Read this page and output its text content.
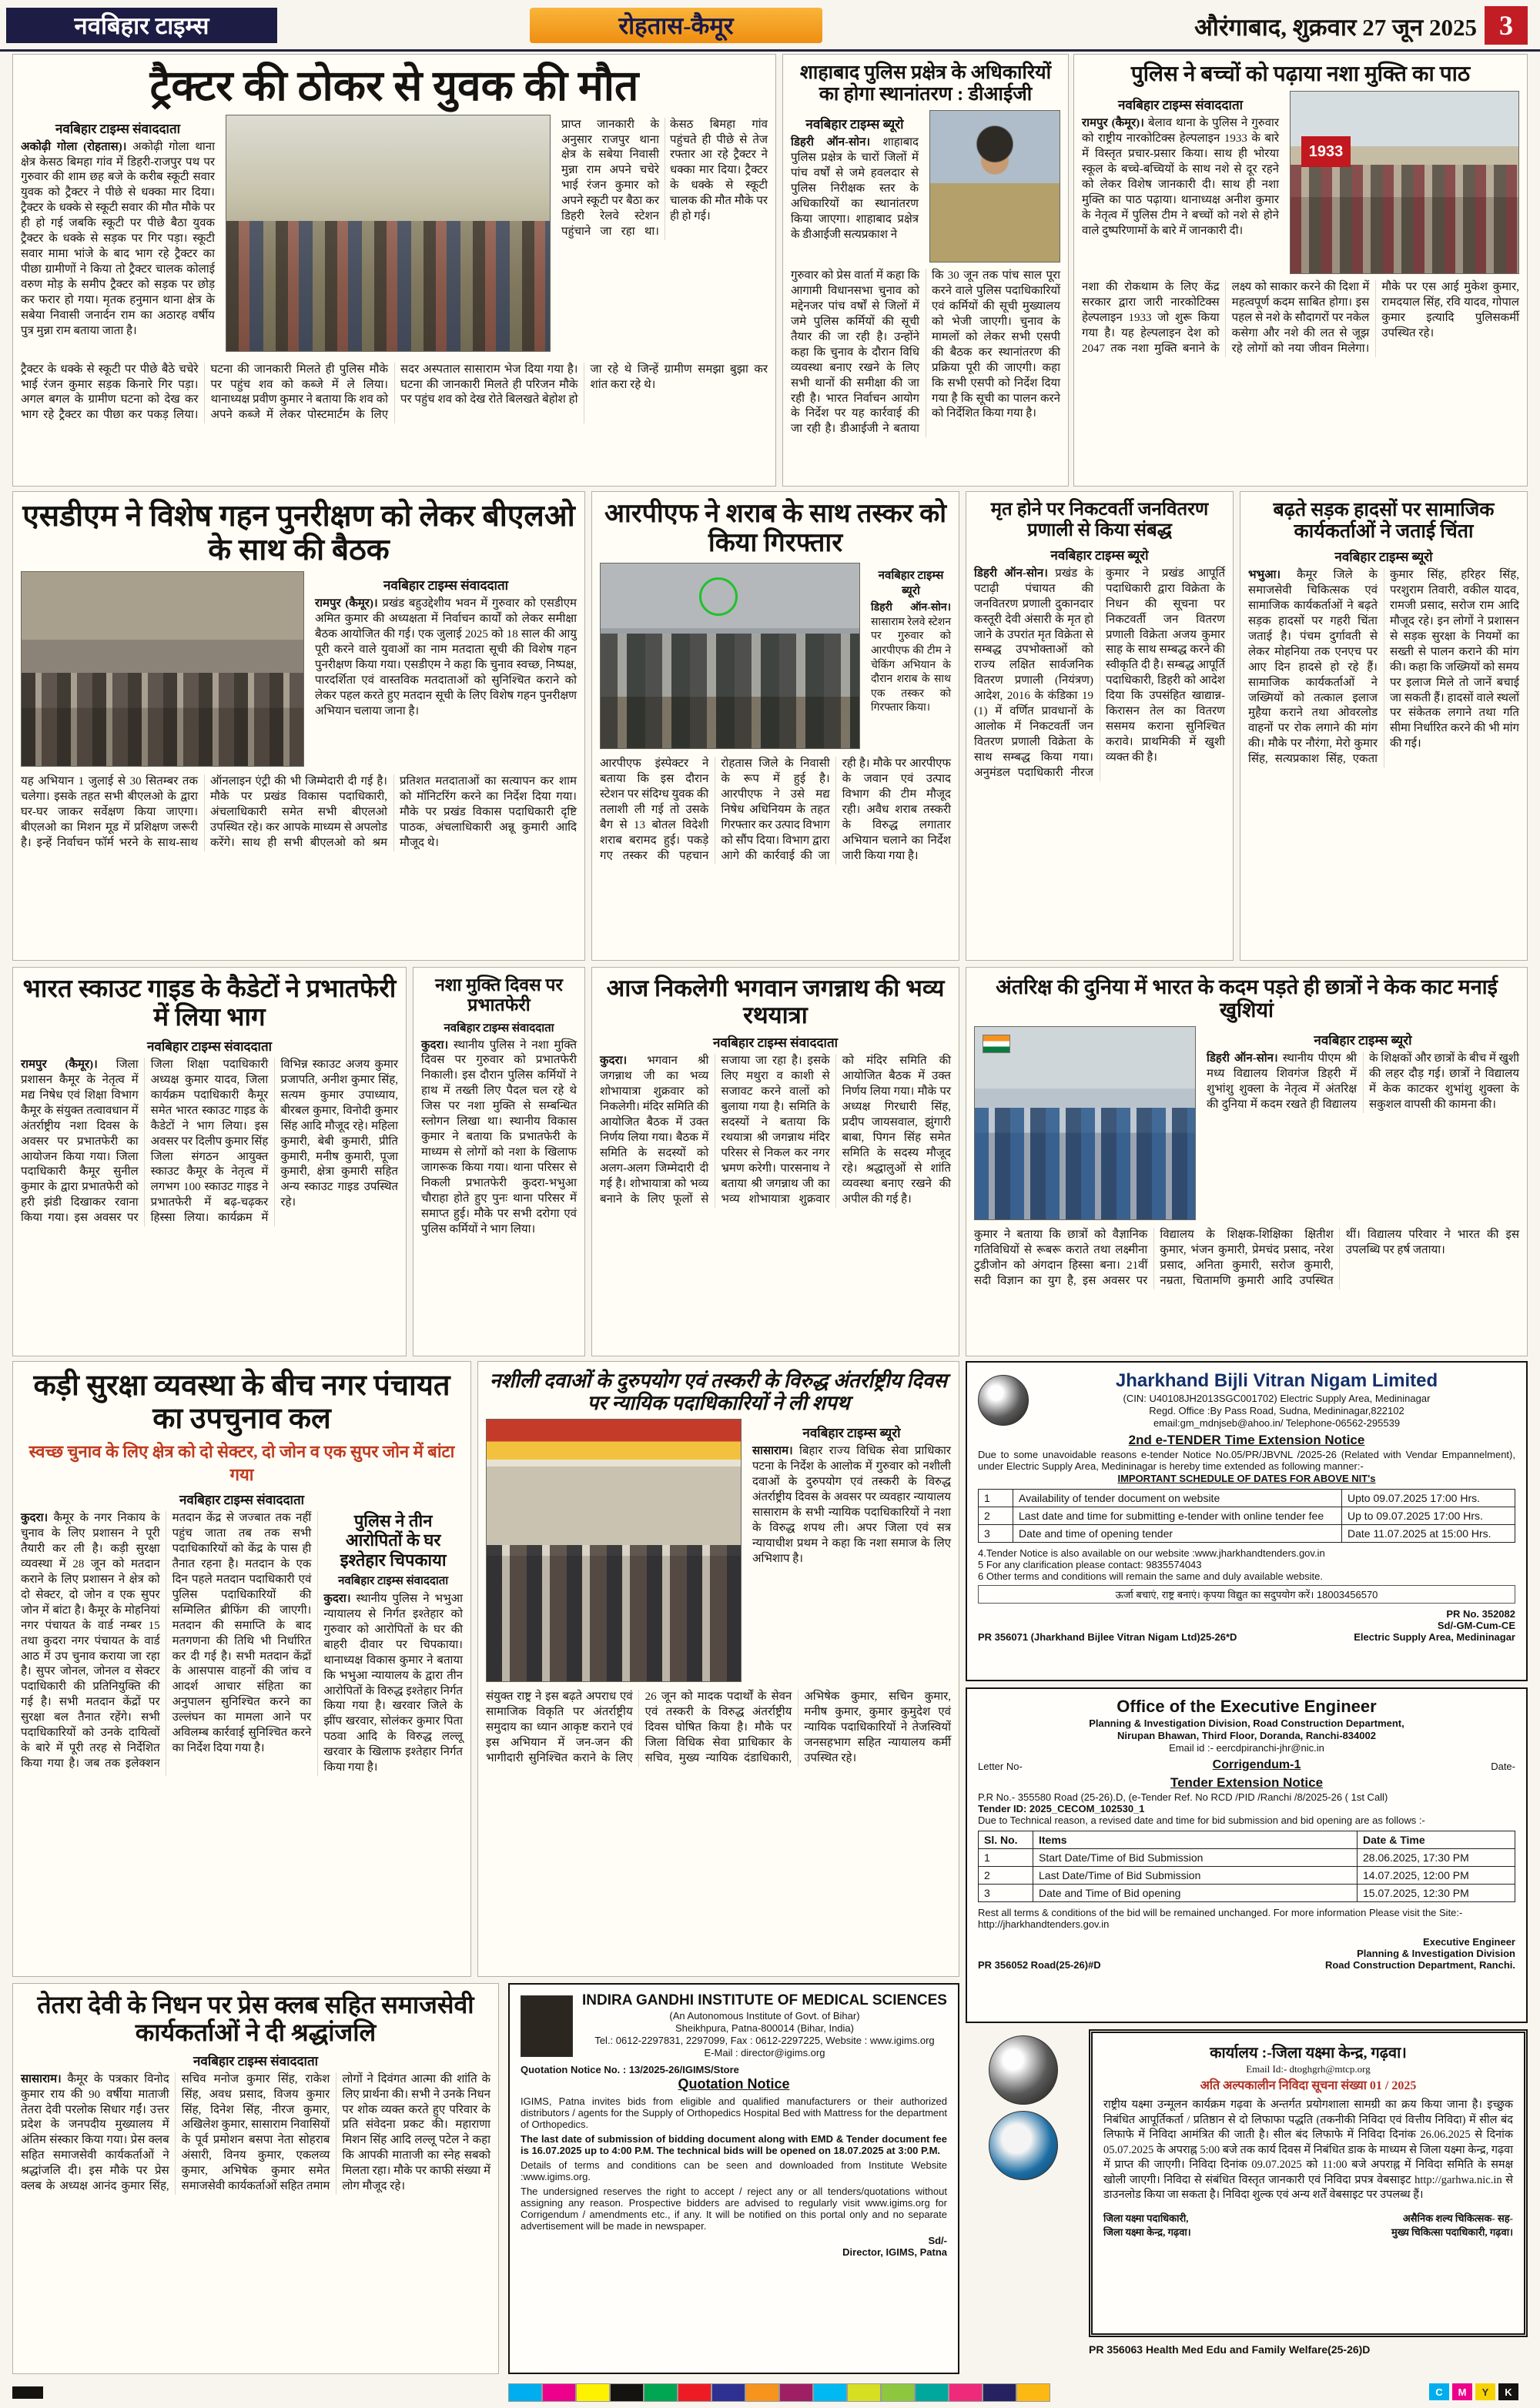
नवबिहार टाइम्स	रोहतास-कैमूर	औरंगाबाद, शुक्रवार 27 जून 2025 3
ट्रैक्टर की ठोकर से युवक की मौत
नवबिहार टाइम्स संवाददाता

अकोढ़ी गोला (रोहतास)। अकोढ़ी गोला थाना क्षेत्र केसठ बिमहा गांव में डिहरी-राजपुर पथ पर गुरुवार की शाम छह बजे के करीब स्कूटी सवार युवक को ट्रैक्टर ने पीछे से धक्का मार दिया। ट्रैक्टर के धक्के से स्कूटी सवार की मौत मौके पर ही हो गई जबकि स्कूटी पर पीछे बैठा युवक ट्रैक्टर के धक्के से सड़क पर गिर पड़ा। स्कूटी सवार मामा भांजे के बाद भाग रहे ट्रैक्टर का पीछा ग्रामीणों ने किया तो ट्रैक्टर चालक कोलाई वरुण मोड़ के समीप ट्रैक्टर को सड़क पर छोड़ कर फरार हो गया। मृतक हनुमान थाना क्षेत्र के सबेया निवासी जनार्दन राम का अठारह वर्षीय पुत्र मुन्ना राम बताया जाता है।

प्राप्त जानकारी के अनुसार राजपुर थाना क्षेत्र के सबेया निवासी मुन्ना राम अपने चचेरे भाई रंजन कुमार को अपने स्कूटी पर बैठा कर डिहरी रेलवे स्टेशन पहुंचाने जा रहा था। केसठ बिमहा गांव पहुंचते ही पीछे से तेज रफ्तार आ रहे ट्रैक्टर ने धक्का मार दिया। ट्रैक्टर के धक्के से स्कूटी चालक की मौत मौके पर ही हो गई।

ट्रैक्टर के धक्के से स्कूटी पर पीछे बैठे चचेरे भाई रंजन कुमार सड़क किनारे गिर पड़ा। अगल बगल के ग्रामीण घटना को देख कर भाग रहे ट्रैक्टर का पीछा कर पकड़ लिया। घटना की जानकारी मिलते ही पुलिस मौके पर पहुंच शव को कब्जे में ले लिया। थानाध्यक्ष प्रवीण कुमार ने बताया कि शव को अपने कब्जे में लेकर पोस्टमार्टम के लिए सदर अस्पताल सासाराम भेज दिया गया है। घटना की जानकारी मिलते ही परिजन मौके पर पहुंच शव को देख रोते बिलखते बेहोश हो जा रहे थे जिन्हें ग्रामीण समझा बुझा कर शांत करा रहे थे।

शाहाबाद पुलिस प्रक्षेत्र के अधिकारियों का होगा स्थानांतरण : डीआईजी
नवबिहार टाइम्स ब्यूरो

डिहरी ऑन-सोन। शाहाबाद पुलिस प्रक्षेत्र के चारों जिलों में पांच वर्षों से जमे हवलदार से पुलिस निरीक्षक स्तर के अधिकारियों का स्थानांतरण किया जाएगा। शाहाबाद प्रक्षेत्र के डीआईजी सत्यप्रकाश ने

गुरुवार को प्रेस वार्ता में कहा कि आगामी विधानसभा चुनाव को मद्देनजर पांच वर्षों से जिलों में जमे पुलिस कर्मियों की सूची तैयार की जा रही है। उन्होंने कहा कि चुनाव के दौरान विधि व्यवस्था बनाए रखने के लिए सभी थानों की समीक्षा की जा रही है। भारत निर्वाचन आयोग के निर्देश पर यह कार्रवाई की जा रही है। डीआईजी ने बताया कि 30 जून तक पांच साल पूरा करने वाले पुलिस पदाधिकारियों एवं कर्मियों की सूची मुख्यालय को भेजी जाएगी। चुनाव के मामलों को लेकर सभी एसपी की बैठक कर स्थानांतरण की प्रक्रिया पूरी की जाएगी। कहा कि सभी एसपी को निर्देश दिया गया है कि सूची का पालन करने को निर्देशित किया गया है।

पुलिस ने बच्चों को पढ़ाया नशा मुक्ति का पाठ
नवबिहार टाइम्स संवाददाता

रामपुर (कैमूर)। बेलाव थाना के पुलिस ने गुरुवार को राष्ट्रीय नारकोटिक्स हेल्पलाइन 1933 के बारे में विस्तृत प्रचार-प्रसार किया। साथ ही भोरया स्कूल के बच्चे-बच्चियों के साथ नशे से दूर रहने को लेकर विशेष जानकारी दी। साथ ही नशा मुक्ति का पाठ पढ़ाया। थानाध्यक्ष अनीश कुमार के नेतृत्व में पुलिस टीम ने बच्चों को नशे से होने वाले दुष्परिणामों के बारे में जानकारी दी।

1933

नशा की रोकथाम के लिए केंद्र सरकार द्वारा जारी नारकोटिक्स हेल्पलाइन 1933 जो शुरू किया गया है। यह हेल्पलाइन देश को 2047 तक नशा मुक्ति बनाने के लक्ष्य को साकार करने की दिशा में महत्वपूर्ण कदम साबित होगा। इस पहल से नशे के सौदागरों पर नकेल कसेगा और नशे की लत से जूझ रहे लोगों को नया जीवन मिलेगा। मौके पर एस आई मुकेश कुमार, रामदयाल सिंह, रवि यादव, गोपाल कुमार इत्यादि पुलिसकर्मी उपस्थित रहे।

एसडीएम ने विशेष गहन पुनरीक्षण को लेकर बीएलओ के साथ की बैठक
नवबिहार टाइम्स संवाददाता

रामपुर (कैमूर)। प्रखंड बहुउद्देशीय भवन में गुरुवार को एसडीएम अमित कुमार की अध्यक्षता में निर्वाचन कार्यों को लेकर समीक्षा बैठक आयोजित की गई। एक जुलाई 2025 को 18 साल की आयु पूरी करने वाले युवाओं का नाम मतदाता सूची की विशेष गहन पुनरीक्षण किया गया। एसडीएम ने कहा कि चुनाव स्वच्छ, निष्पक्ष, पारदर्शिता एवं वास्तविक मतदाताओं को सुनिश्चित कराने को लेकर पहल करते हुए मतदान सूची के लिए विशेष गहन पुनरीक्षण अभियान चलाया जाना है।

यह अभियान 1 जुलाई से 30 सितम्बर तक चलेगा। इसके तहत सभी बीएलओ के द्वारा घर-घर जाकर सर्वेक्षण किया जाएगा। बीएलओ का मिशन मूड में प्रशिक्षण जरूरी है। इन्हें निर्वाचन फॉर्म भरने के साथ-साथ ऑनलाइन एंट्री की भी जिम्मेदारी दी गई है। मौके पर प्रखंड विकास पदाधिकारी, अंचलाधिकारी समेत सभी बीएलओ उपस्थित रहे। कर आपके माध्यम से अपलोड करेंगे। साथ ही सभी बीएलओ को श्रम प्रतिशत मतदाताओं का सत्यापन कर शाम को मॉनिटरिंग करने का निर्देश दिया गया। मौके पर प्रखंड विकास पदाधिकारी दृष्टि पाठक, अंचलाधिकारी अन्नू कुमारी आदि मौजूद थे।

आरपीएफ ने शराब के साथ तस्कर को किया गिरफ्तार
नवबिहार टाइम्स ब्यूरो

डिहरी ऑन-सोन। सासाराम रेलवे स्टेशन पर गुरुवार को आरपीएफ की टीम ने चेकिंग अभियान के दौरान शराब के साथ एक तस्कर को गिरफ्तार किया।

आरपीएफ इंस्पेक्टर ने बताया कि इस दौरान स्टेशन पर संदिग्ध युवक की तलाशी ली गई तो उसके बैग से 13 बोतल विदेशी शराब बरामद हुई। पकड़े गए तस्कर की पहचान रोहतास जिले के निवासी के रूप में हुई है। आरपीएफ ने उसे मद्य निषेध अधिनियम के तहत गिरफ्तार कर उत्पाद विभाग को सौंप दिया। विभाग द्वारा आगे की कार्रवाई की जा रही है। मौके पर आरपीएफ के जवान एवं उत्पाद विभाग की टीम मौजूद रही। अवैध शराब तस्करी के विरुद्ध लगातार अभियान चलाने का निर्देश जारी किया गया है।

मृत होने पर निकटवर्ती जनवितरण प्रणाली से किया संबद्ध
नवबिहार टाइम्स ब्यूरो

डिहरी ऑन-सोन। प्रखंड के पटाढ़ी पंचायत की जनवितरण प्रणाली दुकानदार कस्तूरी देवी अंसारी के मृत हो जाने के उपरांत मृत विक्रेता से सम्बद्ध उपभोक्ताओं को राज्य लक्षित सार्वजनिक वितरण प्रणाली (नियंत्रण) आदेश, 2016 के कंडिका 19 (1) में वर्णित प्रावधानों के आलोक में निकटवर्ती जन वितरण प्रणाली विक्रेता के साथ सम्बद्ध किया गया। अनुमंडल पदाधिकारी नीरज कुमार ने प्रखंड आपूर्ति पदाधिकारी द्वारा विक्रेता के निधन की सूचना पर निकटवर्ती जन वितरण प्रणाली विक्रेता अजय कुमार साह के साथ सम्बद्ध करने की स्वीकृति दी है। सम्बद्ध आपूर्ति पदाधिकारी, डिहरी को आदेश दिया कि उपसंहित खाद्यान्न-किरासन तेल का वितरण ससमय कराना सुनिश्चित करावे। प्राथमिकी में खुशी व्यक्त की है।

बढ़ते सड़क हादसों पर सामाजिक कार्यकर्ताओं ने जताई चिंता
नवबिहार टाइम्स ब्यूरो

भभुआ। कैमूर जिले के समाजसेवी चिकित्सक एवं सामाजिक कार्यकर्ताओं ने बढ़ते सड़क हादसों पर गहरी चिंता जताई है। पंचम दुर्गावती से लेकर मोहनिया तक एनएच पर आए दिन हादसे हो रहे हैं। सामाजिक कार्यकर्ताओं ने जख्मियों को तत्काल इलाज मुहैया कराने तथा ओवरलोड वाहनों पर रोक लगाने की मांग की। मौके पर नौरंगा, मेरो कुमार सिंह, सत्यप्रकाश सिंह, एकता कुमार सिंह, हरिहर सिंह, परशुराम तिवारी, वकील यादव, रामजी प्रसाद, सरोज राम आदि मौजूद रहे। इन लोगों ने प्रशासन से सड़क सुरक्षा के नियमों का सख्ती से पालन कराने की मांग की। कहा कि जख्मियों को समय पर इलाज मिले तो जानें बचाई जा सकती हैं। हादसों वाले स्थलों पर संकेतक लगाने तथा गति सीमा निर्धारित करने की भी मांग की गई।

भारत स्काउट गाइड के कैडेटों ने प्रभातफेरी में लिया भाग
नवबिहार टाइम्स संवाददाता

रामपुर (कैमूर)। जिला प्रशासन कैमूर के नेतृत्व में मद्य निषेध एवं शिक्षा विभाग कैमूर के संयुक्त तत्वावधान में अंतर्राष्ट्रीय नशा दिवस के अवसर पर प्रभातफेरी का आयोजन किया गया। जिला पदाधिकारी कैमूर सुनील कुमार के द्वारा प्रभातफेरी को हरी झंडी दिखाकर रवाना किया गया। इस अवसर पर जिला शिक्षा पदाधिकारी अध्यक्ष कुमार यादव, जिला कार्यक्रम पदाधिकारी कैमूर समेत भारत स्काउट गाइड के कैडेटों ने भाग लिया। इस अवसर पर दिलीप कुमार सिंह जिला संगठन आयुक्त स्काउट कैमूर के नेतृत्व में लगभग 100 स्काउट गाइड ने प्रभातफेरी में बढ़-चढ़कर हिस्सा लिया। कार्यक्रम में विभिन्न स्काउट अजय कुमार प्रजापति, अनीश कुमार सिंह, सत्यम कुमार उपाध्याय, बीरबल कुमार, विनोदी कुमार सिंह आदि मौजूद रहे। महिला कुमारी, बेबी कुमारी, प्रीति कुमारी, मनीष कुमारी, पूजा कुमारी, क्षेत्रा कुमारी सहित अन्य स्काउट गाइड उपस्थित रहे।

नशा मुक्ति दिवस पर प्रभातफेरी
नवबिहार टाइम्स संवाददाता

कुदरा। स्थानीय पुलिस ने नशा मुक्ति दिवस पर गुरुवार को प्रभातफेरी निकाली। इस दौरान पुलिस कर्मियों ने हाथ में तख्ती लिए पैदल चल रहे थे जिस पर नशा मुक्ति से सम्बन्धित स्लोगन लिखा था। स्थानीय विकास कुमार ने बताया कि प्रभातफेरी के माध्यम से लोगों को नशा के खिलाफ जागरूक किया गया। थाना परिसर से निकली प्रभातफेरी कुदरा-भभुआ चौराहा होते हुए पुनः थाना परिसर में समाप्त हुई। मौके पर सभी दरोगा एवं पुलिस कर्मियों ने भाग लिया।

आज निकलेगी भगवान जगन्नाथ की भव्य रथयात्रा
नवबिहार टाइम्स संवाददाता

कुदरा। भगवान श्री जगन्नाथ जी का भव्य शोभायात्रा शुक्रवार को निकलेगी। मंदिर समिति की आयोजित बैठक में उक्त निर्णय लिया गया। बैठक में समिति के सदस्यों को अलग-अलग जिम्मेदारी दी गई है। शोभायात्रा को भव्य बनाने के लिए फूलों से सजाया जा रहा है। इसके लिए मथुरा व काशी से सजावट करने वालों को बुलाया गया है। समिति के सदस्यों ने बताया कि रथयात्रा श्री जगन्नाथ मंदिर परिसर से निकल कर नगर भ्रमण करेगी। पारसनाथ ने बताया श्री जगन्नाथ जी का भव्य शोभायात्रा शुक्रवार को मंदिर समिति की आयोजित बैठक में उक्त निर्णय लिया गया। मौके पर अध्यक्ष गिरधारी सिंह, प्रदीप जायसवाल, झुंगारी बाबा, पिगन सिंह समेत समिति के सदस्य मौजूद रहे। श्रद्धालुओं से शांति व्यवस्था बनाए रखने की अपील की गई है।

अंतरिक्ष की दुनिया में भारत के कदम पड़ते ही छात्रों ने केक काट मनाई खुशियां
नवबिहार टाइम्स ब्यूरो

डिहरी ऑन-सोन। स्थानीय पीएम श्री मध्य विद्यालय शिवगंज डिहरी में शुभांशु शुक्ला के नेतृत्व में अंतरिक्ष की दुनिया में कदम रखते ही विद्यालय के शिक्षकों और छात्रों के बीच में खुशी की लहर दौड़ गई। छात्रों ने विद्यालय में केक काटकर शुभांशु शुक्ला के सकुशल वापसी की कामना की।

कुमार ने बताया कि छात्रों को वैज्ञानिक गतिविधियों से रूबरू कराते तथा लक्ष्मीना टुडीजोन को अंगदान हिस्सा बना। 21वीं सदी विज्ञान का युग है, इस अवसर पर विद्यालय के शिक्षक-शिक्षिका क्षितीश कुमार, भंजन कुमारी, प्रेमचंद प्रसाद, नरेश प्रसाद, अनिता कुमारी, सरोज कुमारी, नम्रता, चितामणि कुमारी आदि उपस्थित थीं। विद्यालय परिवार ने भारत की इस उपलब्धि पर हर्ष जताया।

कड़ी सुरक्षा व्यवस्था के बीच नगर पंचायत का उपचुनाव कल
स्वच्छ चुनाव के लिए क्षेत्र को दो सेक्टर, दो जोन व एक सुपर जोन में बांटा गया
नवबिहार टाइम्स संवाददाता

कुदरा। कैमूर के नगर निकाय के चुनाव के लिए प्रशासन ने पूरी तैयारी कर ली है। कड़ी सुरक्षा व्यवस्था में 28 जून को मतदान कराने के लिए प्रशासन ने क्षेत्र को दो सेक्टर, दो जोन व एक सुपर जोन में बांटा है। कैमूर के मोहनियां नगर पंचायत के वार्ड नम्बर 15 तथा कुदरा नगर पंचायत के वार्ड आठ में उप चुनाव कराया जा रहा है। सुपर जोनल, जोनल व सेक्टर पदाधिकारी की प्रतिनियुक्ति की गई है। सभी मतदान केंद्रों पर सुरक्षा बल तैनात रहेंगे। सभी पदाधिकारियों को उनके दायित्वों के बारे में पूरी तरह से निर्देशित किया गया है। जब तक इलेक्शन मतदान केंद्र से जज्बात तक नहीं पहुंच जाता तब तक सभी पदाधिकारियों को केंद्र के पास ही तैनात रहना है। मतदान के एक दिन पहले मतदान पदाधिकारी एवं पुलिस पदाधिकारियों की सम्मिलित ब्रीफिंग की जाएगी। मतदान की समाप्ति के बाद मतगणना की तिथि भी निर्धारित कर दी गई है। सभी मतदान केंद्रों के आसपास वाहनों की जांच व आदर्श आचार संहिता का अनुपालन सुनिश्चित करने का उल्लंघन का मामला आने पर अविलम्ब कार्रवाई सुनिश्चित करने का निर्देश दिया गया है।

पुलिस ने तीन आरोपितों के घर इश्तेहार चिपकाया
नवबिहार टाइम्स संवाददाता

कुदरा। स्थानीय पुलिस ने भभुआ न्यायालय से निर्गत इश्तेहार को गुरुवार को आरोपितों के घर की बाहरी दीवार पर चिपकाया। थानाध्यक्ष विकास कुमार ने बताया कि भभुआ न्यायालय के द्वारा तीन आरोपितों के विरुद्ध इश्तेहार निर्गत किया गया है। खरवार जिले के झींप खरवार, सोलंकर कुमार पिता पठवा आदि के विरुद्ध लल्लू खरवार के खिलाफ इश्तेहार निर्गत किया गया है।

नशीली दवाओं के दुरुपयोग एवं तस्करी के विरुद्ध अंतर्राष्ट्रीय दिवस पर न्यायिक पदाधिकारियों ने ली शपथ
नवबिहार टाइम्स ब्यूरो

सासाराम। बिहार राज्य विधिक सेवा प्राधिकार पटना के निर्देश के आलोक में गुरुवार को नशीली दवाओं के दुरुपयोग एवं तस्करी के विरुद्ध अंतर्राष्ट्रीय दिवस के अवसर पर व्यवहार न्यायालय सासाराम के सभी न्यायिक पदाधिकारियों ने नशा के विरुद्ध शपथ ली। अपर जिला एवं सत्र न्यायाधीश प्रथम ने कहा कि नशा समाज के लिए अभिशाप है।

संयुक्त राष्ट्र ने इस बढ़ते अपराध एवं सामाजिक विकृति पर अंतर्राष्ट्रीय समुदाय का ध्यान आकृष्ट कराने एवं इस अभियान में जन-जन की भागीदारी सुनिश्चित कराने के लिए 26 जून को मादक पदार्थों के सेवन एवं तस्करी के विरुद्ध अंतर्राष्ट्रीय दिवस घोषित किया है। मौके पर जिला विधिक सेवा प्राधिकार के सचिव, मुख्य न्यायिक दंडाधिकारी, अभिषेक कुमार, सचिन कुमार, मनीष कुमार, कुमार कुमुदेश एवं न्यायिक पदाधिकारियों ने तेजस्वियों जनसहभाग सहित न्यायालय कर्मी उपस्थित रहे।

Jharkhand Bijli Vitran Nigam Limited
(CIN: U40108JH2013SGC001702) Electric Supply Area, Medininagar
Regd. Office :By Pass Road, Sudna, Medininagar,822102
email:gm_mdnjseb@ahoo.in/ Telephone-06562-295539
2nd e-TENDER Time Extension Notice
Due to some unavoidable reasons e-tender Notice No.05/PR/JBVNL /2025-26 (Related with Vendar Empannelment), under Electric Supply Area, Medininagar is hereby time extended as following manner:-
IMPORTANT SCHEDULE OF DATES FOR ABOVE NIT's
1	Availability of tender document on website	Upto 09.07.2025 17:00 Hrs.
2	Last date and time for submitting e-tender with online tender fee	Up to 09.07.2025 17:00 Hrs.
3	Date and time of opening tender	Date 11.07.2025 at 15:00 Hrs.
4.Tender Notice is also available on our website :www.jharkhandtenders.gov.in
5 For any clarification please contact: 9835574043
6 Other terms and conditions will remain the same and duly available website.
ऊर्जा बचाएं, राष्ट्र बनाएं। कृपया विद्युत का सदुपयोग करें। 18003456570
PR 356071 (Jharkhand Bijlee Vitran Nigam Ltd)25-26*D
PR No. 352082
Sd/-GM-Cum-CE
Electric Supply Area, Medininagar
Office of the Executive Engineer
Planning & Investigation Division, Road Construction Department,
Nirupan Bhawan, Third Floor, Doranda, Ranchi-834002
Email id :- eercdpiranchi-jhr@nic.in
Letter No-	Corrigendum-1	Date-
Tender Extension Notice
P.R No.- 355580 Road (25-26).D, (e-Tender Ref. No RCD /PID /Ranchi /8/2025-26 ( 1st Call)
Tender ID: 2025_CECOM_102530_1
Due to Technical reason, a revised date and time for bid submission and bid opening are as follows :-
Sl. No.	Items	Date & Time
1	Start Date/Time of Bid Submission	28.06.2025, 17:30 PM
2	Last Date/Time of Bid Submission	14.07.2025, 12:00 PM
3	Date and Time of Bid opening	15.07.2025, 12:30 PM
Rest all terms & conditions of the bid will be remained unchanged. For more information Please visit the Site:- http://jharkhandtenders.gov.in
PR 356052 Road(25-26)#D
Executive Engineer
Planning & Investigation Division
Road Construction Department, Ranchi.
तेतरा देवी के निधन पर प्रेस क्लब सहित समाजसेवी कार्यकर्ताओं ने दी श्रद्धांजलि
नवबिहार टाइम्स संवाददाता

सासाराम। कैमूर के पत्रकार विनोद कुमार राय की 90 वर्षीया माताजी तेतरा देवी परलोक सिधार गईं। उत्तर प्रदेश के जनपदीय मुख्यालय में अंतिम संस्कार किया गया। प्रेस क्लब सहित समाजसेवी कार्यकर्ताओं ने श्रद्धांजलि दी। इस मौके पर प्रेस क्लब के अध्यक्ष आनंद कुमार सिंह, सचिव मनोज कुमार सिंह, राकेश सिंह, अवध प्रसाद, विजय कुमार सिंह, दिनेश सिंह, नीरज कुमार, अखिलेश कुमार, सासाराम निवासियों के पूर्व प्रमोशन बसपा नेता सोहराब अंसारी, विनय कुमार, एकलव्य कुमार, अभिषेक कुमार समेत समाजसेवी कार्यकर्ताओं सहित तमाम लोगों ने दिवंगत आत्मा की शांति के लिए प्रार्थना की। सभी ने उनके निधन पर शोक व्यक्त करते हुए परिवार के प्रति संवेदना प्रकट की। महाराणा मिशन सिंह आदि लल्लू पटेल ने कहा कि आपकी माताजी का स्नेह सबको मिलता रहा। मौके पर काफी संख्या में लोग मौजूद रहे।

INDIRA GANDHI INSTITUTE OF MEDICAL SCIENCES
(An Autonomous Institute of Govt. of Bihar)
Sheikhpura, Patna-800014 (Bihar, India)
Tel.: 0612-2297831, 2297099, Fax : 0612-2297225, Website : www.igims.org
E-Mail : director@igims.org
Quotation Notice No. : 13/2025-26/IGIMS/Store
Quotation Notice

IGIMS, Patna invites bids from eligible and qualified manufacturers or their authorized distributors / agents for the Supply of Orthopedics Hospital Bed with Mattress for the department of Orthopedics.

The last date of submission of bidding document along with EMD & Tender document fee is 16.07.2025 up to 4:00 P.M. The technical bids will be opened on 18.07.2025 at 3:00 P.M.

Details of terms and conditions can be seen and downloaded from Institute Website :www.igims.org.

The undersigned reserves the right to accept / reject any or all tenders/quotations without assigning any reason. Prospective bidders are advised to regularly visit www.igims.org for Corrigendum / amendments etc., if any. It will be notified on this portal only and no separate advertisement will be made in newspaper.

Sd/-
Director, IGIMS, Patna
कार्यालय :-जिला यक्ष्मा केन्द्र, गढ़वा।
Email Id:- dtoghgrh@mtcp.org
अति अल्पकालीन निविदा सूचना संख्या 01 / 2025

राष्ट्रीय यक्ष्मा उन्मूलन कार्यक्रम गढ़वा के अन्तर्गत प्रयोगशाला सामग्री का क्रय किया जाना है। इच्छुक निबंधित आपूर्तिकर्ता / प्रतिष्ठान से दो लिफाफा पद्धति (तकनीकी निविदा एवं वित्तीय निविदा) में सील बंद लिफाफे में निविदा आमंत्रित की जाती है। सील बंद लिफाफे में निविदा दिनांक 26.06.2025 से दिनांक 05.07.2025 के अपराह्न 5:00 बजे तक कार्य दिवस में निबंधित डाक के माध्यम से जिला यक्ष्मा केन्द्र, गढ़वा में प्राप्त की जाएगी। निविदा दिनांक 09.07.2025 को 11:00 बजे अपराह्न में निविदा समिति के समक्ष खोली जाएगी। निविदा से संबंधित विस्तृत जानकारी एवं निविदा प्रपत्र वेबसाइट http://garhwa.nic.in से डाउनलोड किया जा सकता है। निविदा शुल्क एवं अन्य शर्तें वेबसाइट पर उपलब्ध हैं।

जिला यक्ष्मा पदाधिकारी,
जिला यक्ष्मा केन्द्र, गढ़वा।
असैनिक शल्य चिकित्सक- सह-
मुख्य चिकित्सा पदाधिकारी, गढ़वा।
PR 356063 Health Med Edu and Family Welfare(25-26)D
C	M	Y	K
